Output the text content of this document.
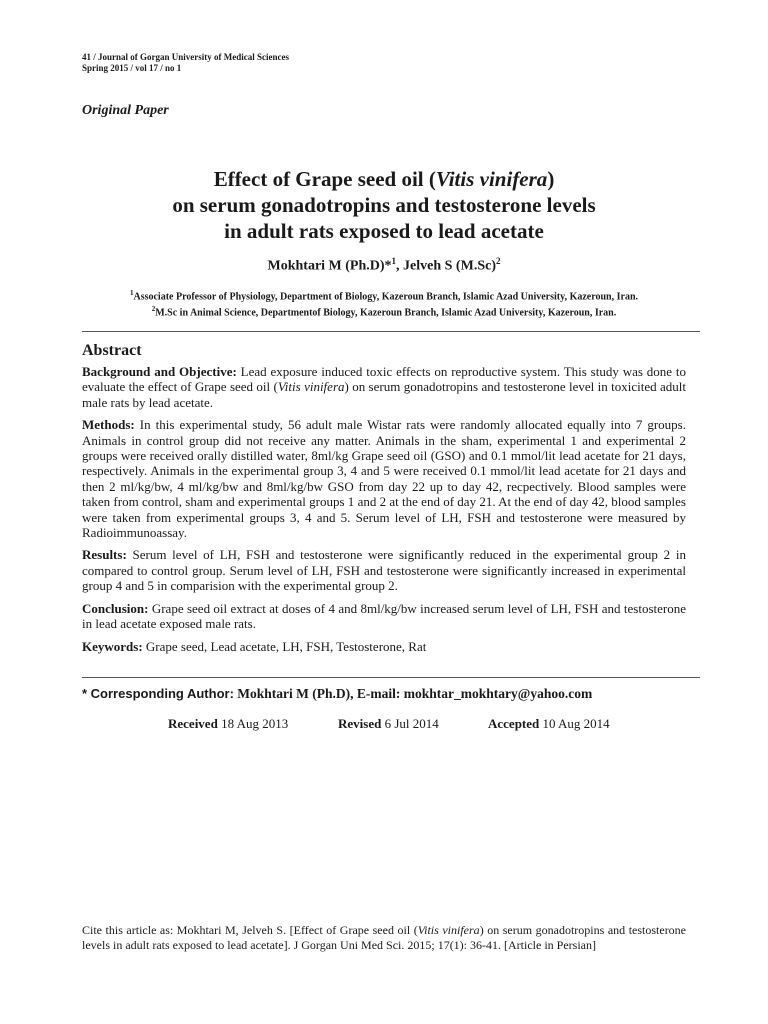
41 / Journal of Gorgan University of Medical Sciences
Spring 2015 / vol 17 / no 1
Original Paper
Effect of Grape seed oil (Vitis vinifera)
on serum gonadotropins and testosterone levels
in adult rats exposed to lead acetate
Mokhtari M (Ph.D)*$^1$, Jelveh S $(M.Sc)^2$
$^1$Associate Professor of Physiology, Department of Biology, Kazeroun Branch, Islamic Azad University, Kazeroun, Iran.
$^2$M.Sc in Animal Science, Departmentof Biology, Kazeroun Branch, Islamic Azad University, Kazeroun, Iran.
Abstract

Background and Objective: Lead exposure induced toxic effects on reproductive system. This study was done to evaluate the effect of Grape seed oil (Vitis vinifera) on serum gonadotropins and testosterone level in toxicited adult male rats by lead acetate.

Methods: In this experimental study, 56 adult male Wistar rats were randomly allocated equally into 7 groups. Animals in control group did not receive any matter. Animals in the sham, experimental 1 and experimental 2 groups were received orally distilled water, 8ml/kg Grape seed oil (GSO) and 0.1 mmol/lit lead acetate for 21 days, respectively. Animals in the experimental group 3, 4 and 5 were received 0.1 mmol/lit lead acetate for 21 days and then 2 ml/kg/bw, 4 ml/kg/bw and 8ml/kg/bw GSO from day 22 up to day 42, recpectively. Blood samples were taken from control, sham and experimental groups 1 and 2 at the end of day 21. At the end of day 42, blood samples were taken from experimental groups 3, 4 and 5. Serum level of LH, FSH and testosterone were measured by Radioimmunoassay.

Results: Serum level of LH, FSH and testosterone were significantly reduced in the experimental group 2 in compared to control group. Serum level of LH, FSH and testosterone were significantly increased in experimental group 4 and 5 in comparision with the experimental group 2.

Conclusion: Grape seed oil extract at doses of 4 and 8ml/kg/bw increased serum level of LH, FSH and testosterone in lead acetate exposed male rats.

Keywords: Grape seed, Lead acetate, LH, FSH, Testosterone, Rat

* Corresponding Author: Mokhtari M (Ph.D), E-mail: mokhtar_mokhtary@yahoo.com
Received 18 Aug 2013	Revised 6 Jul 2014	Accepted 10 Aug 2014
Cite this article as: Mokhtari M, Jelveh S. [Effect of Grape seed oil (Vitis vinifera) on serum gonadotropins and testosterone levels in adult rats exposed to lead acetate]. J Gorgan Uni Med Sci. 2015; 17(1): 36-41. [Article in Persian]
